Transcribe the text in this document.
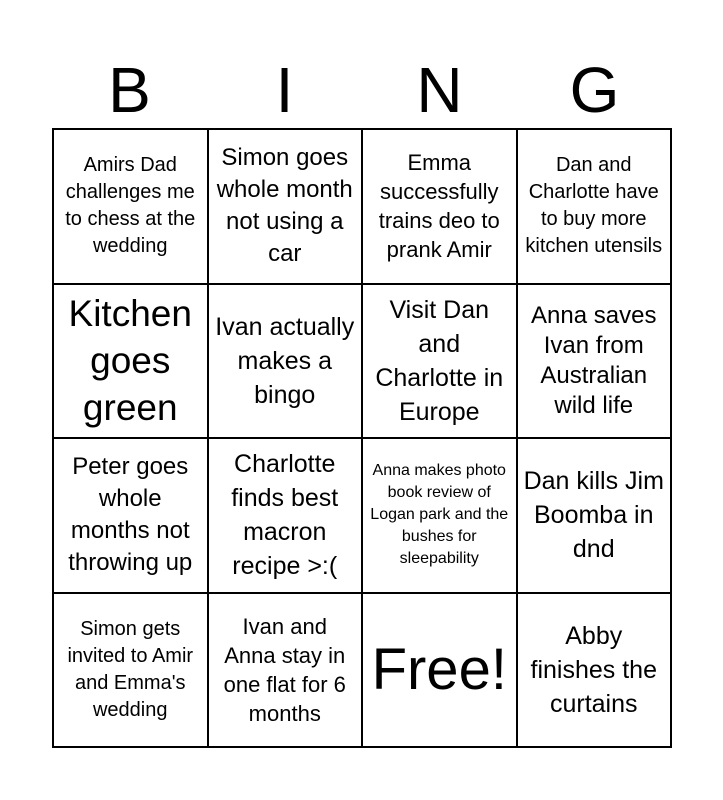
B	I	N	G
Amirs Dad challenges me to chess at the wedding
Simon goes whole month not using a car
Emma successfully trains deo to prank Amir
Dan and Charlotte have to buy more kitchen utensils
Kitchen goes green
Ivan actually makes a bingo
Visit Dan and Charlotte in Europe
Anna saves Ivan from Australian wild life
Peter goes whole months not throwing up
Charlotte finds best macron recipe >:(
Anna makes photo book review of Logan park and the bushes for sleepability
Dan kills Jim Boomba in dnd
Simon gets invited to Amir and Emma's wedding
Ivan and Anna stay in one flat for 6 months
Free!
Abby finishes the curtains
